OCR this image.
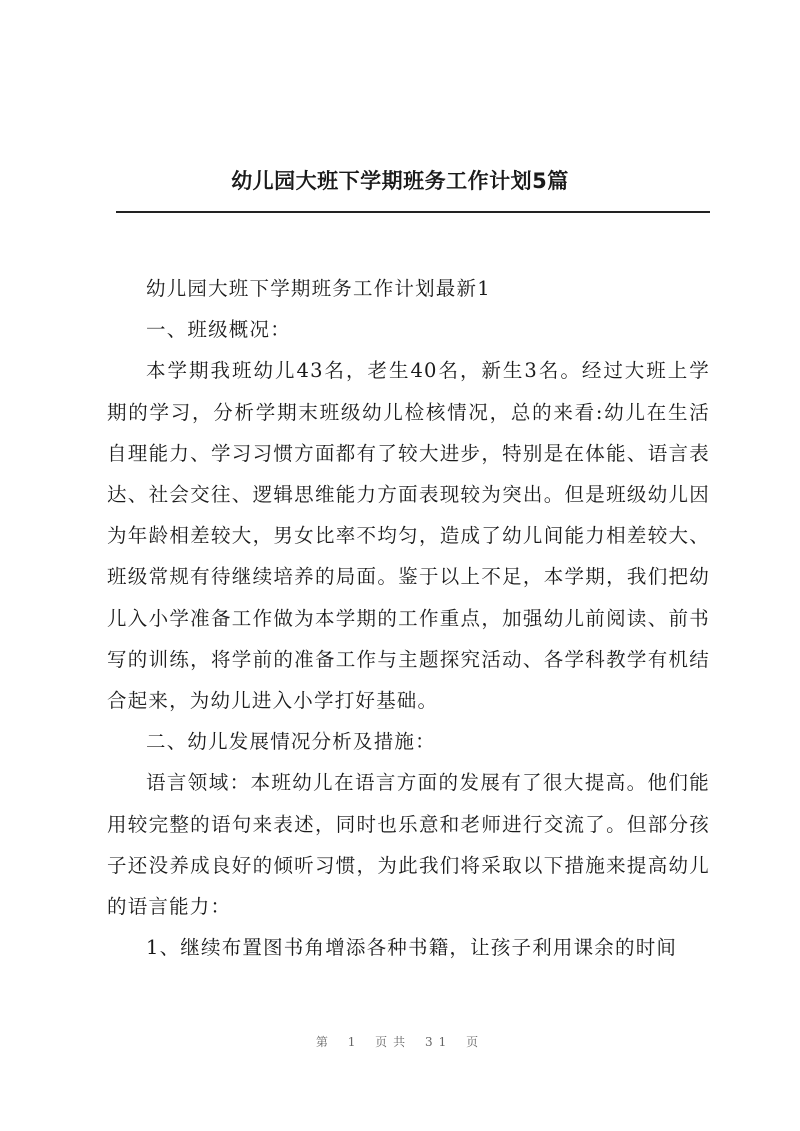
幼儿园大班下学期班务工作计划5篇

幼儿园大班下学期班务工作计划最新1

一、班级概况：

本学期我班幼儿43名，老生40名，新生3名。经过大班上学期的学习，分析学期末班级幼儿检核情况，总的来看:幼儿在生活自理能力、学习习惯方面都有了较大进步，特别是在体能、语言表达、社会交往、逻辑思维能力方面表现较为突出。但是班级幼儿因为年龄相差较大，男女比率不均匀，造成了幼儿间能力相差较大、班级常规有待继续培养的局面。鉴于以上不足，本学期，我们把幼儿入小学准备工作做为本学期的工作重点，加强幼儿前阅读、前书写的训练，将学前的准备工作与主题探究活动、各学科教学有机结合起来，为幼儿进入小学打好基础。

二、幼儿发展情况分析及措施：

语言领域：本班幼儿在语言方面的发展有了很大提高。他们能用较完整的语句来表述，同时也乐意和老师进行交流了。但部分孩子还没养成良好的倾听习惯，为此我们将采取以下措施来提高幼儿的语言能力：

1、继续布置图书角增添各种书籍，让孩子利用课余的时间

第 1 页共 31 页
